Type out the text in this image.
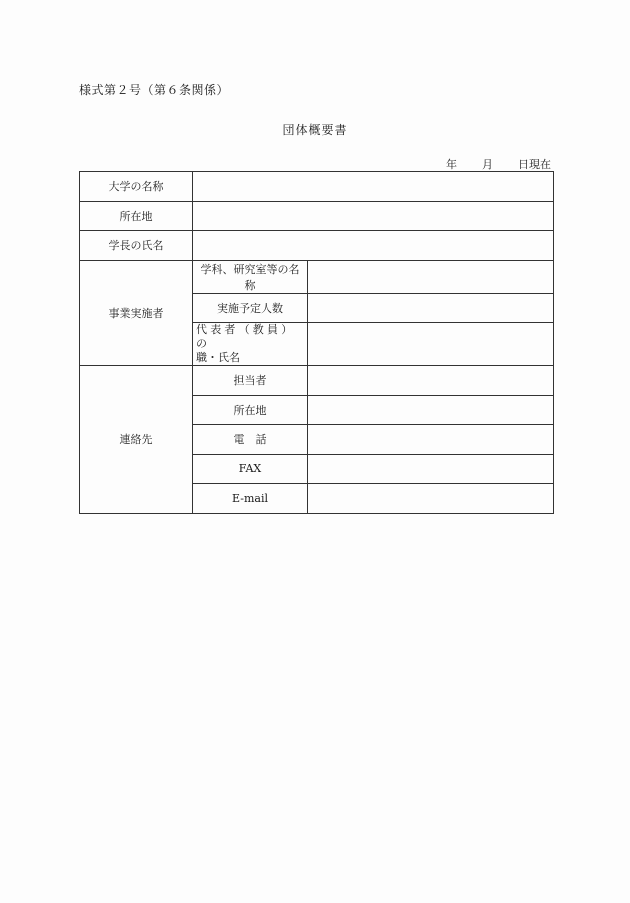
様式第２号（第６条関係）
団体概要書
年	月	日現在
大学の名称		
所在地		
学長の氏名		
事業実施者	学科、研究室等の名称	
	実施予定人数	

	代表者（教員）の
職・氏名	

連絡先	担当者	
	所在地	
	電　話	
	FAX	
	E-mail	
